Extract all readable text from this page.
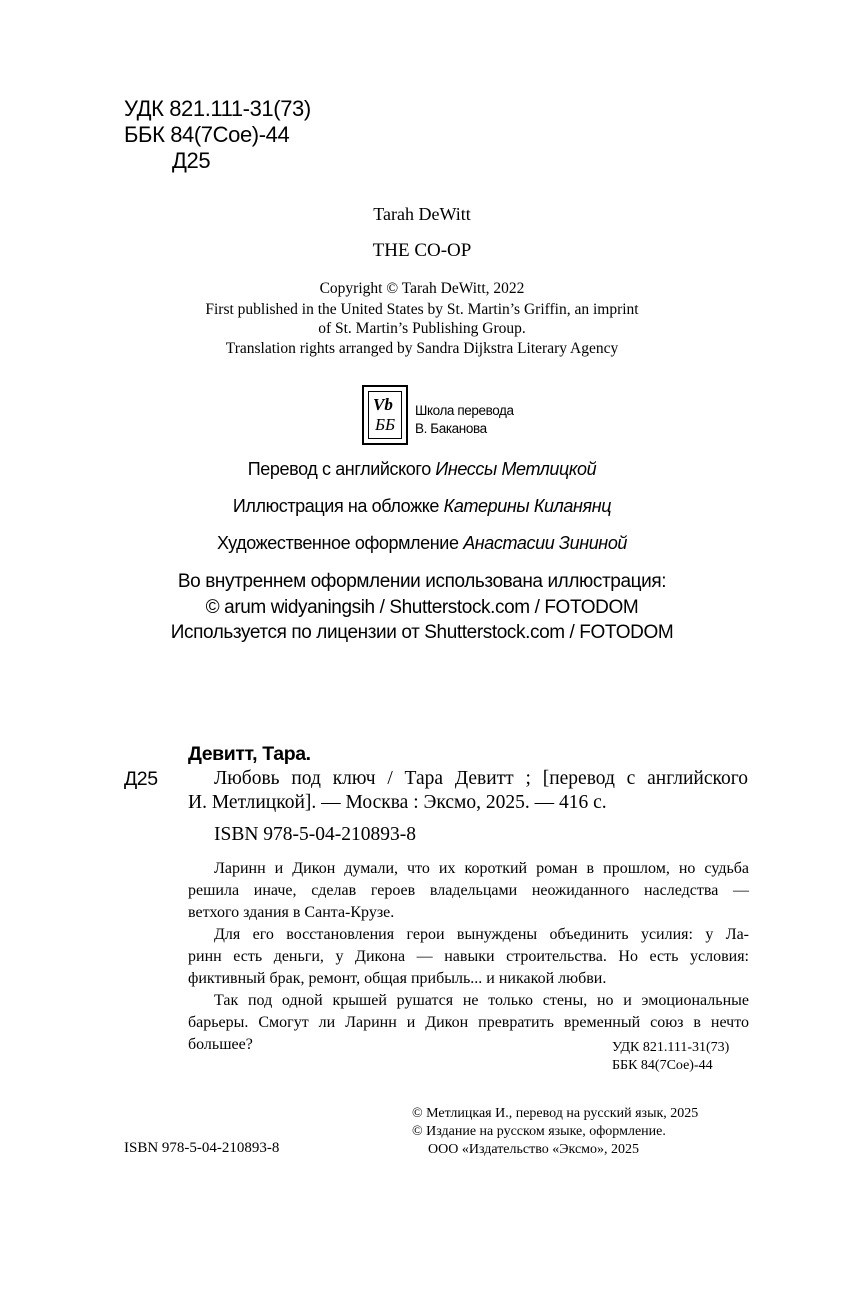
УДК 821.111-31(73)
ББК 84(7Сое)-44
Д25
Tarah DeWitt
THE CO-OP
Copyright © Tarah DeWitt, 2022
First published in the United States by St. Martin’s Griffin, an imprint
of St. Martin’s Publishing Group.
Translation rights arranged by Sandra Dijkstra Literary Agency
Vb
ББ
Школа перевода
В. Баканова
Перевод с английского Инессы Метлицкой
Иллюстрация на обложке Катерины Киланянц
Художественное оформление Анастасии Зининой
Во внутреннем оформлении использована иллюстрация:
© arum widyaningsih / Shutterstock.com / FOTODOM
Используется по лицензии от Shutterstock.com / FOTODOM
Девитт, Тара.
Д25	Любовь под ключ / Тара Девитт ; [перевод с английского
И. Метлицкой]. — Москва : Эксмо, 2025. — 416 с.
ISBN 978-5-04-210893-8
Ларинн и Дикон думали, что их короткий роман в прошлом, но судьба
решила иначе, сделав героев владельцами неожиданного наследства —
ветхого здания в Санта-Крузе.
Для его восстановления герои вынуждены объединить усилия: у Ла-
ринн есть деньги, у Дикона — навыки строительства. Но есть условия:
фиктивный брак, ремонт, общая прибыль... и никакой любви.
Так под одной крышей рушатся не только стены, но и эмоциональные
барьеры. Смогут ли Ларинн и Дикон превратить временный союз в нечто
большее?	УДК 821.111-31(73)
ББК 84(7Сое)-44
ISBN 978-5-04-210893-8
© Метлицкая И., перевод на русский язык, 2025
© Издание на русском языке, оформление.
ООО «Издательство «Эксмо», 2025
